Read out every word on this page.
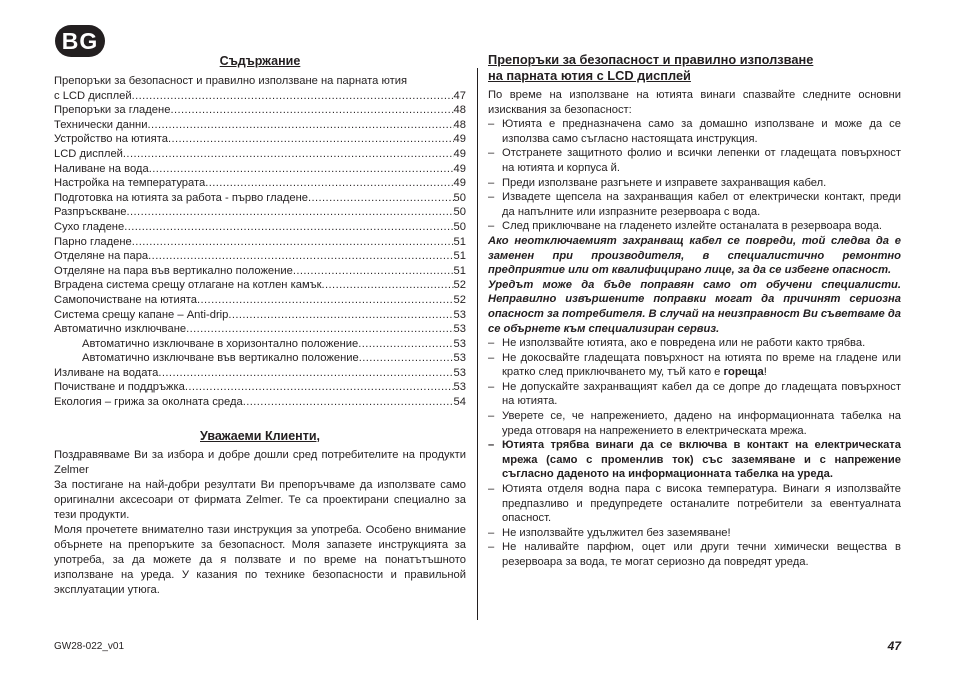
BG
Съдържание
Препоръки за безопасност и правилно използване на парната ютия
с LCD дисплей .....	47
Препоръки за гладене .....	48
Технически данни .....	48
Устройство на ютията .....	49
LCD дисплей .....	49
Наливане на вода .....	49
Настройка на температурата .....	49
Подготовка на ютията за работа - първо гладене .....	50
Разпръскване .....	50
Сухо гладене .....	50
Парно гладене .....	51
Отделяне на пара .....	51
Отделяне на пара във вертикално положение .....	51
Вградена система срещу отлагане на котлен камък .....	52
Самопочистване на ютията .....	52
Система срещу капане – Anti-drip .....	53
Автоматично изключване .....	53
Автоматично изключване в хоризонтално положение .....	53
Автоматично изключване във вертикално положение .....	53
Изливане на водата .....	53
Почистване и поддръжка .....	53
Екология – грижа за околната среда .....	54
Уважаеми Клиенти,

Поздравяваме Ви за избора и добре дошли сред потребителите на продукти Zelmer

За постигане на най-добри резултати Ви препоръчваме да използвате само оригинални аксесоари от фирмата Zelmer. Те са проектирани специално за тези продукти.

Моля прочетете внимателно тази инструкция за употреба. Особено внимание обърнете на препоръките за безопасност. Моля запазете инструкцията за употреба, за да можете да я ползвате и по време на понатътъшното използване на уреда. У казания по технике безопасности и правильной эксплуатации утюга.

Препоръки за безопасност и правилно използване
на парната ютия с LCD дисплей

По време на използване на ютията винаги спазвайте следните основни изисквания за безопасност:

– Ютията е предназначена само за домашно използване и може да се използва само съгласно настоящата инструкция.
– Отстранете защитното фолио и всички лепенки от гладещата повърхност на ютията и корпуса й.
– Преди използване разгънете и изправете захранващия кабел.
– Извадете щепсела на захранващия кабел от електрически контакт, преди да напълните или изпразните резервоара с вода.
– След приключване на гладенето излейте останалата в резервоара вода.

Ако неотключаемият захранващ кабел се повреди, той следва да е заменен при производителя, в специалистично ремонтно предприятие или от квалифицирано лице, за да се избегне опасност.

Уредът може да бъде поправян само от обучени специалисти. Неправилно извършените поправки могат да причинят сериозна опасност за потребителя. В случай на неизправност Ви съветваме да се обърнете към специализиран сервиз.

– Не използвайте ютията, ако е повредена или не работи както трябва.
– Не докосвайте гладещата повърхност на ютията по време на гладене или кратко след приключването му, тъй като е гореща!
– Не допускайте захранващият кабел да се допре до гладещата повърхност на ютията.
– Уверете се, че напрежението, дадено на информационната табелка на уреда отговаря на напрежението в електрическата мрежа.
– Ютията трябва винаги да се включва в контакт на електрическата мрежа (само с променлив ток) със заземяване и с напрежение съгласно даденото на информационната табелка на уреда.
– Ютията отделя водна пара с висока температура. Винаги я използвайте предпазливо и предупредете останалите потребители за евентуалната опасност.
– Не използвайте удължител без заземяване!
– Не наливайте парфюм, оцет или други течни химически вещества в резервоара за вода, те могат сериозно да повредят уреда.
GW28-022_v01	47
